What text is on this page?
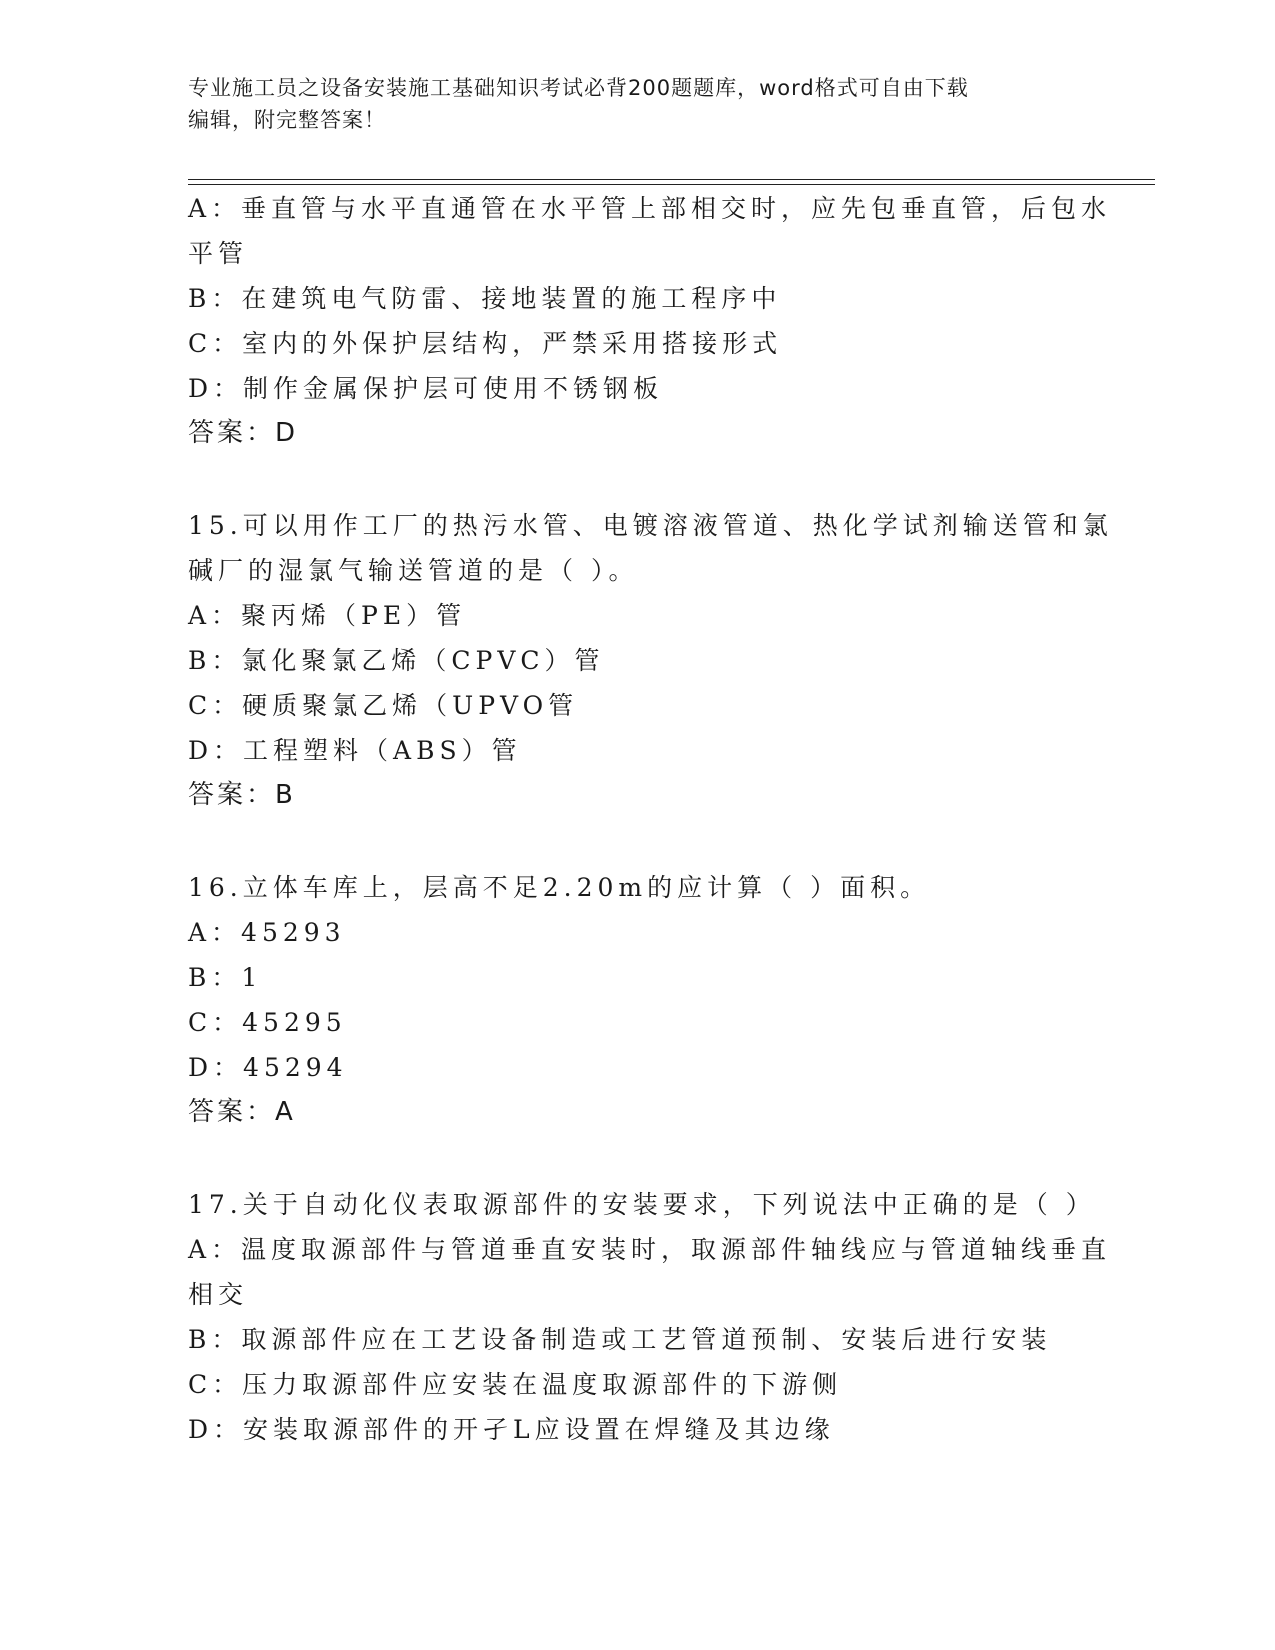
专业施工员之设备安装施工基础知识考试必背200题题库，word格式可自由下载
编辑，附完整答案！
A：垂直管与水平直通管在水平管上部相交时，应先包垂直管，后包水
平管
B：在建筑电气防雷、接地装置的施工程序中
C：室内的外保护层结构，严禁采用搭接形式
D：制作金属保护层可使用不锈钢板
答案：D
15.可以用作工厂的热污水管、电镀溶液管道、热化学试剂输送管和氯
碱厂的湿氯气输送管道的是（ ）。
A：聚丙烯（PE）管
B：氯化聚氯乙烯（CPVC）管
C：硬质聚氯乙烯（UPVO管
D：工程塑料（ABS）管
答案：B
16.立体车库上，层高不足2.20m的应计算（ ）面积。
A：45293
B：1
C：45295
D：45294
答案：A
17.关于自动化仪表取源部件的安装要求，下列说法中正确的是（ ）
A：温度取源部件与管道垂直安装时，取源部件轴线应与管道轴线垂直
相交
B：取源部件应在工艺设备制造或工艺管道预制、安装后进行安装
C：压力取源部件应安装在温度取源部件的下游侧
D：安装取源部件的开孑L应设置在焊缝及其边缘
